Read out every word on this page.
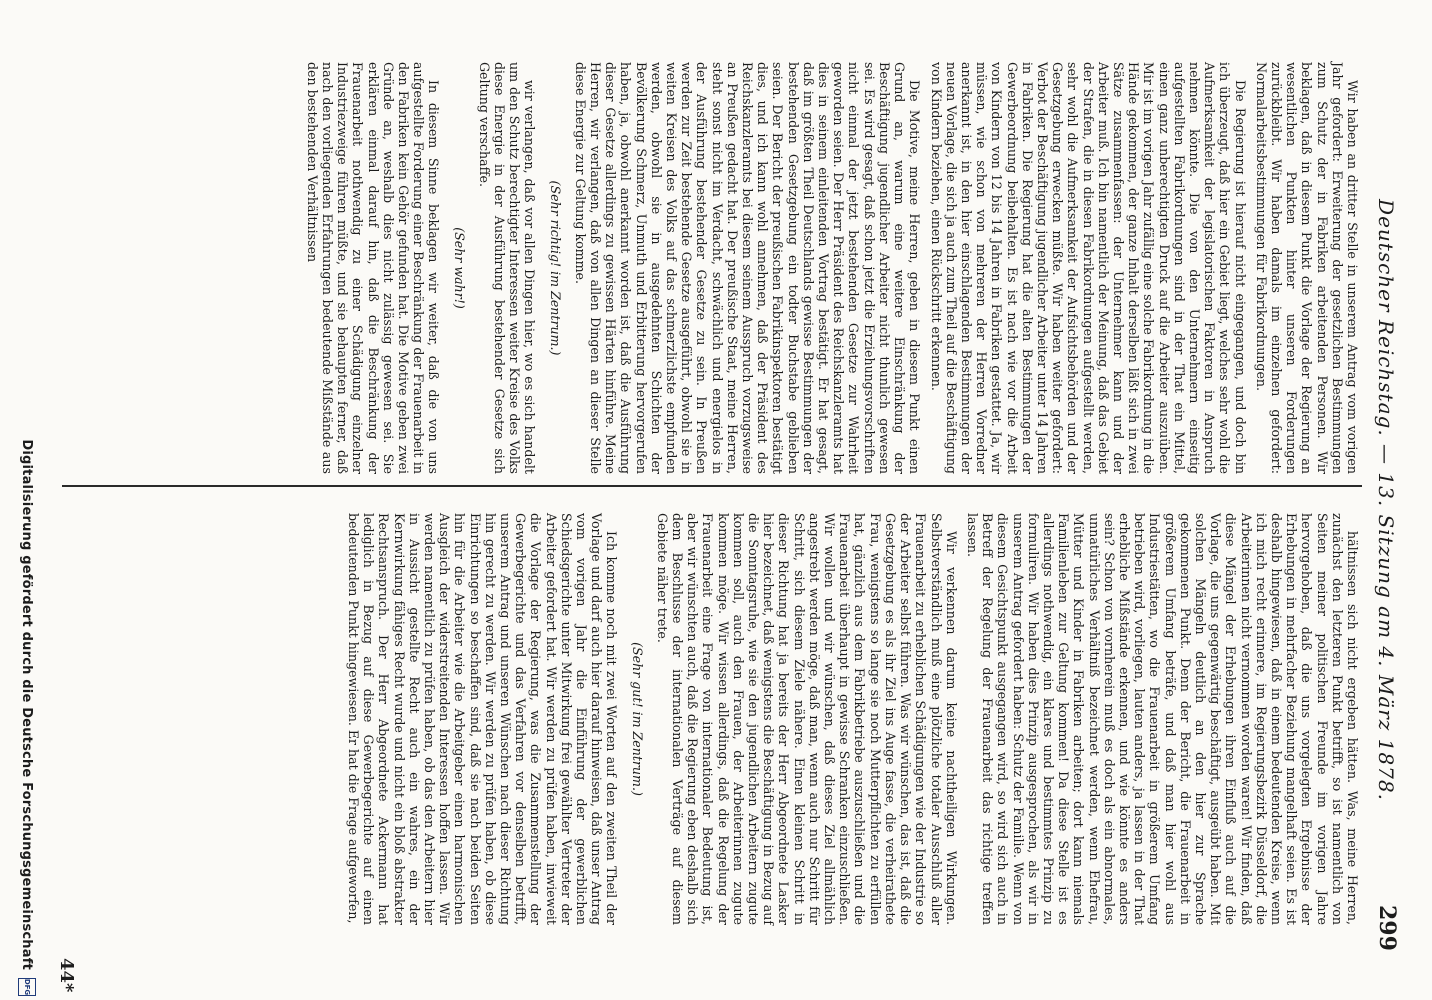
Deutscher Reichstag. — 13. Sitzung am 4. März 1878.
299

Wir haben an dritter Stelle in unserem Antrag vom vorigen Jahr gefordert: Erweiterung der gesetzlichen Bestimmungen zum Schutz der in Fabriken arbeitenden Personen. Wir beklagen, daß in diesem Punkt die Vorlage der Regierung an wesentlichen Punkten hinter unseren Forderungen zurückbleibt. Wir haben damals im einzelnen gefordert: Normalarbeitsbestimmungen für Fabrikordnungen.

Die Regierung ist hierauf nicht eingegangen, und doch bin ich überzeugt, daß hier ein Gebiet liegt, welches sehr wohl die Aufmerksamkeit der legislatorischen Faktoren in Anspruch nehmen könnte. Die von den Unternehmern einseitig aufgestellten Fabrikordnungen sind in der That ein Mittel, einen ganz unberechtigten Druck auf die Arbeiter auszuüben. Mir ist im vorigen Jahr zufällig eine solche Fabrikordnung in die Hände gekommen, der ganze Inhalt derselben läßt sich in zwei Sätze zusammenfassen: der Unternehmer kann und der Arbeiter muß. Ich bin namentlich der Meinung, daß das Gebiet der Strafen, die in diesen Fabrikordnungen aufgestellt werden, sehr wohl die Aufmerksamkeit der Aufsichtsbehörden und der Gesetzgebung erwecken müßte. Wir haben weiter gefordert: Verbot der Beschäftigung jugendlicher Arbeiter unter 14 Jahren in Fabriken. Die Regierung hat die alten Bestimmungen der Gewerbeordnung beibehalten. Es ist nach wie vor die Arbeit von Kindern von 12 bis 14 Jahren in Fabriken gestattet. Ja, wir müssen, wie schon von mehreren der Herren Vorredner anerkannt ist, in den hier einschlagenden Bestimmungen der neuen Vorlage, die sich ja auch zum Theil auf die Beschäftigung von Kindern beziehen, einen Rückschritt erkennen.

Die Motive, meine Herren, geben in diesem Punkt einen Grund an, warum eine weitere Einschränkung der Beschäftigung jugendlicher Arbeiter nicht thunlich gewesen sei. Es wird gesagt, daß schon jetzt die Erziehungsvorschriften nicht einmal der jetzt bestehenden Gesetze zur Wahrheit geworden seien. Der Herr Präsident des Reichskanzleramts hat dies in seinem einleitenden Vortrag bestätigt. Er hat gesagt, daß im größten Theil Deutschlands gewisse Bestimmungen der bestehenden Gesetzgebung ein todter Buchstabe geblieben seien. Der Bericht der preußischen Fabrikinspektoren bestätigt dies, und ich kann wohl annehmen, daß der Präsident des Reichskanzleramts bei diesem seinem Ausspruch vorzugsweise an Preußen gedacht hat. Der preußische Staat, meine Herren, steht sonst nicht im Verdacht, schwächlich und energielos in der Ausführung bestehender Gesetze zu sein. In Preußen werden zur Zeit bestehende Gesetze ausgeführt, obwohl sie in weiten Kreisen des Volks auf das schmerzlichste empfunden werden, obwohl sie in ausgedehnten Schichten der Bevölkerung Schmerz, Unmuth und Erbitterung hervorgerufen haben, ja, obwohl anerkannt worden ist, daß die Ausführung dieser Gesetze allerdings zu gewissen Härten hinführe. Meine Herren, wir verlangen, daß von allen Dingen an dieser Stelle diese Energie zur Geltung komme.

(Sehr richtig! im Zentrum.)

wir verlangen, daß vor allen Dingen hier, wo es sich handelt um den Schutz berechtigter Interessen weiter Kreise des Volks diese Energie in der Ausführung bestehender Gesetze sich Geltung verschaffe.

(Sehr wahr!)

In diesem Sinne beklagen wir weiter, daß die von uns aufgestellte Forderung einer Beschränkung der Frauenarbeit in den Fabriken kein Gehör gefunden hat. Die Motive geben zwei Gründe an, weshalb dies nicht zulässig gewesen sei. Sie erklären einmal darauf hin, daß die Beschränkung der Frauenarbeit nothwendig zu einer Schädigung einzelner Industriezweige führen müßte, und sie behaupten ferner, daß nach den vorliegenden Erfahrungen bedeutende Mißstände aus den bestehenden Verhältnissen

hältnissen sich nicht ergeben hätten. Was, meine Herren, zunächst den letzteren Punkt betrifft, so ist namentlich von Seiten meiner politischen Freunde im vorigen Jahre hervorgehoben, daß die uns vorgelegten Ergebnisse der Erhebungen in mehrfacher Beziehung mangelhaft seien. Es ist deshalb hingewiesen, daß in einem bedeutenden Kreise, wenn ich mich recht erinnere, im Regierungsbezirk Düsseldorf, die Arbeiterinnen nicht vernommen worden waren! Wir finden, daß diese Mängel der Erhebungen ihren Einfluß auch auf die Vorlage, die uns gegenwärtig beschäftigt, ausgeübt haben. Mit solchen Mängeln deutlich an den hier zur Sprache gekommenen Punkt. Denn der Bericht, die Frauenarbeit in größerem Umfang beträfe, und daß man hier wohl aus Industriestätten, wo die Frauenarbeit in größerem Umfang betrieben wird, vorliegen, lauten anders, ja lassen in der That erhebliche Mißstände erkennen, und wie könnte es anders sein? Schon von vornherein muß es doch als ein abnormales, unnatürliches Verhältniß bezeichnet werden, wenn Ehefrau, Mütter und Kinder in Fabriken arbeiten; dort kann niemals Familienleben zur Geltung kommen! Da diese Stelle ist es allerdings nothwendig, ein klares und bestimmtes Prinzip zu formuliren. Wir haben dies Prinzip ausgesprochen, als wir in unserem Antrag gefordert haben: Schutz der Familie. Wenn von diesem Gesichtspunkt ausgegangen wird, so wird sich auch in Betreff der Regelung der Frauenarbeit das richtige treffen lassen.

Wir verkennen darum keine nachtheiligen Wirkungen. Selbstverständlich muß eine plötzliche totaler Ausschluß aller Frauenarbeit zu erheblichen Schädigungen wie der Industrie so der Arbeiter selbst führen. Was wir wünschen, das ist, daß die Gesetzgebung es als ihr Ziel ins Auge fasse, die verheirathete Frau, wenigstens so lange sie noch Mutterpflichten zu erfüllen hat, gänzlich aus dem Fabrikbetriebe auszuschließen und die Frauenarbeit überhaupt in gewisse Schranken einzuschließen. Wir wollen und wir wünschen, daß dieses Ziel allmählich angestrebt werden möge, daß man, wenn auch nur Schritt für Schritt, sich diesem Ziele nähere. Einen kleinen Schritt in dieser Richtung hat ja bereits der Herr Abgeordnete Lasker hier bezeichnet, daß wenigstens die Beschäftigung in Bezug auf die Sonntagsruhe, wie sie den jugendlichen Arbeitern zugute kommen soll, auch den Frauen, der Arbeiterinnen zugute kommen möge. Wir wissen allerdings, daß die Regelung der Frauenarbeit eine Frage von internationaler Bedeutung ist, aber wir wünschten auch, daß die Regierung eben deshalb sich dem Beschlusse der internationalen Verträge auf diesem Gebiete näher trete.

(Sehr gut! im Zentrum.)

Ich komme noch mit zwei Worten auf den zweiten Theil der Vorlage und darf auch hier darauf hinweisen, daß unser Antrag vom vorigen Jahr die Einführung der gewerblichen Schiedsgerichte unter Mitwirkung frei gewählter Vertreter der Arbeiter gefordert hat. Wir werden zu prüfen haben, inwieweit die Vorlage der Regierung, was die Zusammenstellung der Gewerbegerichte und das Verfahren vor denselben betrifft, unserem Antrag und unseren Wünschen nach dieser Richtung hin gerecht zu werden. Wir werden zu prüfen haben, ob diese Einrichtungen so beschaffen sind, daß sie nach beiden Seiten hin für die Arbeiter wie die Arbeitgeber einen harmonischen Ausgleich der widerstreitenden Interessen hoffen lassen. Wir werden namentlich zu prüfen haben, ob das den Arbeitern hier in Aussicht gestellte Recht auch ein wahres, ein der Kernwirkung fähiges Recht wurde und nicht ein bloß abstrakter Rechtsanspruch. Der Herr Abgeordnete Ackermann hat lediglich in Bezug auf diese Gewerbegerichte auf einen bedeutenden Punkt hingewiesen. Er hat die Frage aufgeworfen,

44*
Digitalisierung gefördert durch die Deutsche Forschungsgemeinschaft
DFG
